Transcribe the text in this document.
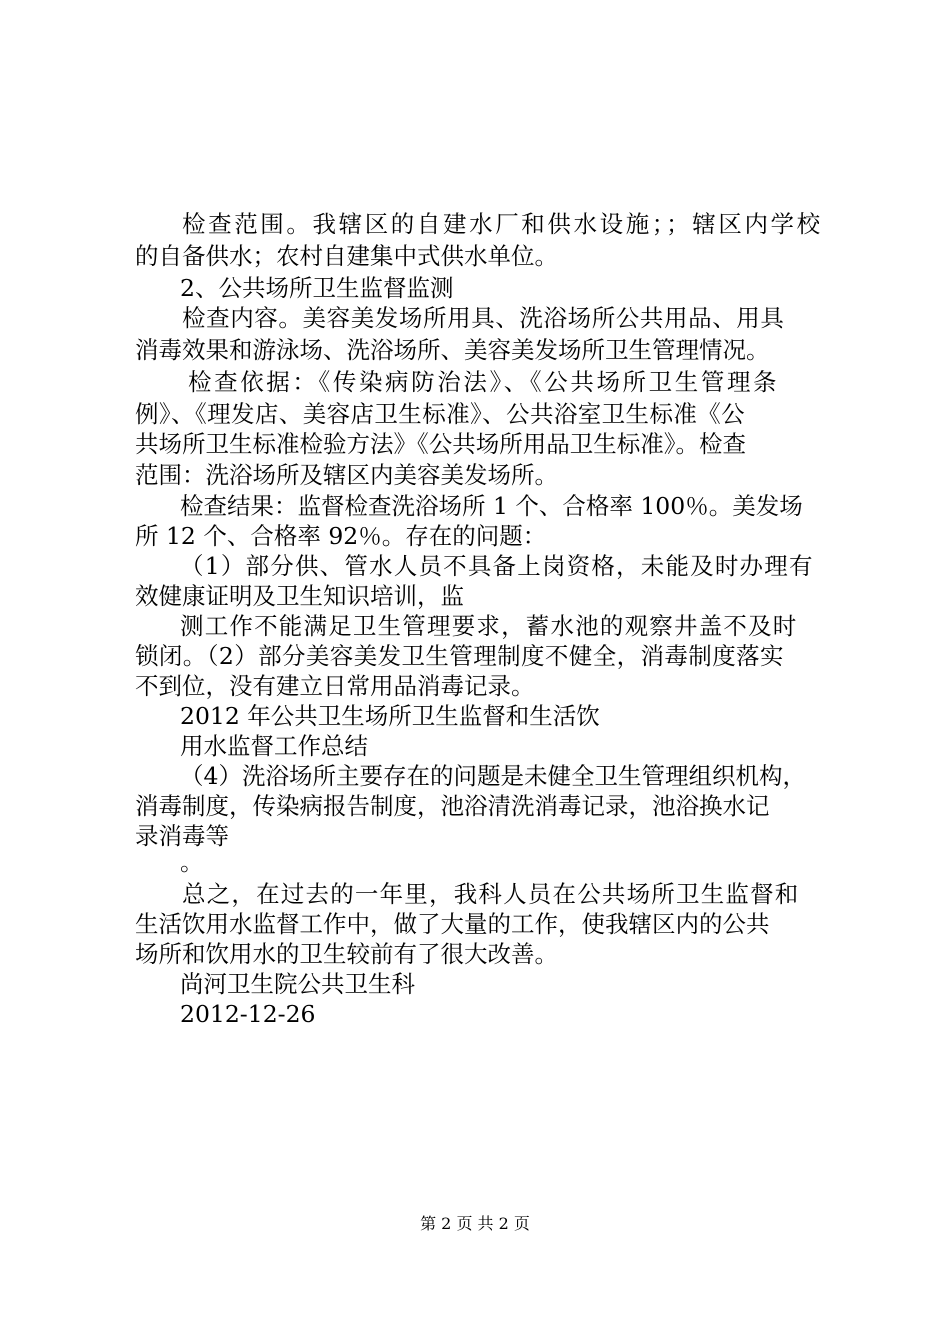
检查范围。我辖区的自建水厂和供水设施；；辖区内学校
的自备供水；农村自建集中式供水单位。
2、公共场所卫生监督监测
检查内容。美容美发场所用具、洗浴场所公共用品、用具
消毒效果和游泳场、洗浴场所、美容美发场所卫生管理情况。
检查依据：《传染病防治法》、《公共场所卫生管理条
例》、《理发店、美容店卫生标准》、公共浴室卫生标准《公
共场所卫生标准检验方法》《公共场所用品卫生标准》。检查
范围：洗浴场所及辖区内美容美发场所。
检查结果：监督检查洗浴场所 1 个、合格率 100％。美发场
所 12 个、合格率 92％。存在的问题：
（1）部分供、管水人员不具备上岗资格，未能及时办理有
效健康证明及卫生知识培训，监
测工作不能满足卫生管理要求，蓄水池的观察井盖不及时
锁闭。（2）部分美容美发卫生管理制度不健全，消毒制度落实
不到位，没有建立日常用品消毒记录。
2012 年公共卫生场所卫生监督和生活饮
用水监督工作总结
（4）洗浴场所主要存在的问题是未健全卫生管理组织机构，
消毒制度，传染病报告制度，池浴清洗消毒记录，池浴换水记
录消毒等
。
总之，在过去的一年里，我科人员在公共场所卫生监督和
生活饮用水监督工作中，做了大量的工作，使我辖区内的公共
场所和饮用水的卫生较前有了很大改善。
尚河卫生院公共卫生科
2012-12-26
第 2 页 共 2 页
